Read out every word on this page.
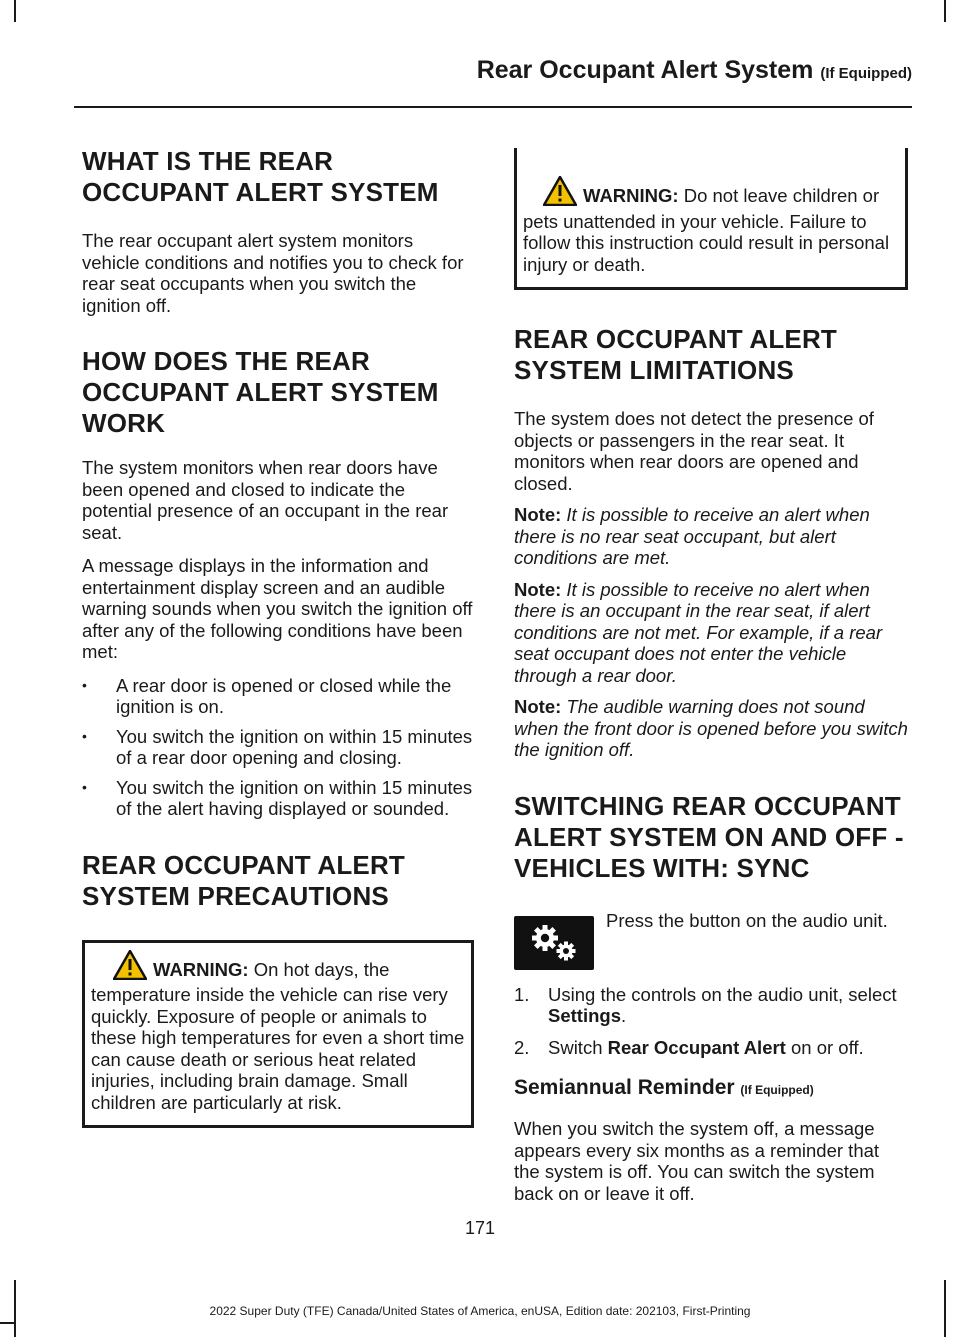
Rear Occupant Alert System (If Equipped)
WHAT IS THE REAR OCCUPANT ALERT SYSTEM

The rear occupant alert system monitors vehicle conditions and notifies you to check for rear seat occupants when you switch the ignition off.

HOW DOES THE REAR OCCUPANT ALERT SYSTEM WORK

The system monitors when rear doors have been opened and closed to indicate the potential presence of an occupant in the rear seat.

A message displays in the information and entertainment display screen and an audible warning sounds when you switch the ignition off after any of the following conditions have been met:

• A rear door is opened or closed while the ignition is on.
• You switch the ignition on within 15 minutes of a rear door opening and closing.
• You switch the ignition on within 15 minutes of the alert having displayed or sounded.
REAR OCCUPANT ALERT SYSTEM PRECAUTIONS

WARNING: On hot days, the temperature inside the vehicle can rise very quickly. Exposure of people or animals to these high temperatures for even a short time can cause death or serious heat related injuries, including brain damage. Small children are particularly at risk.

WARNING: Do not leave children or pets unattended in your vehicle. Failure to follow this instruction could result in personal injury or death.

REAR OCCUPANT ALERT SYSTEM LIMITATIONS

The system does not detect the presence of objects or passengers in the rear seat. It monitors when rear doors are opened and closed.

Note: It is possible to receive an alert when there is no rear seat occupant, but alert conditions are met.

Note: It is possible to receive no alert when there is an occupant in the rear seat, if alert conditions are not met. For example, if a rear seat occupant does not enter the vehicle through a rear door.

Note: The audible warning does not sound when the front door is opened before you switch the ignition off.

SWITCHING REAR OCCUPANT ALERT SYSTEM ON AND OFF - VEHICLES WITH: SYNC

Press the button on the audio unit.

1. Using the controls on the audio unit, select Settings.
2. Switch Rear Occupant Alert on or off.
Semiannual Reminder (If Equipped)

When you switch the system off, a message appears every six months as a reminder that the system is off. You can switch the system back on or leave it off.

171
2022 Super Duty (TFE) Canada/United States of America, enUSA, Edition date: 202103, First-Printing
